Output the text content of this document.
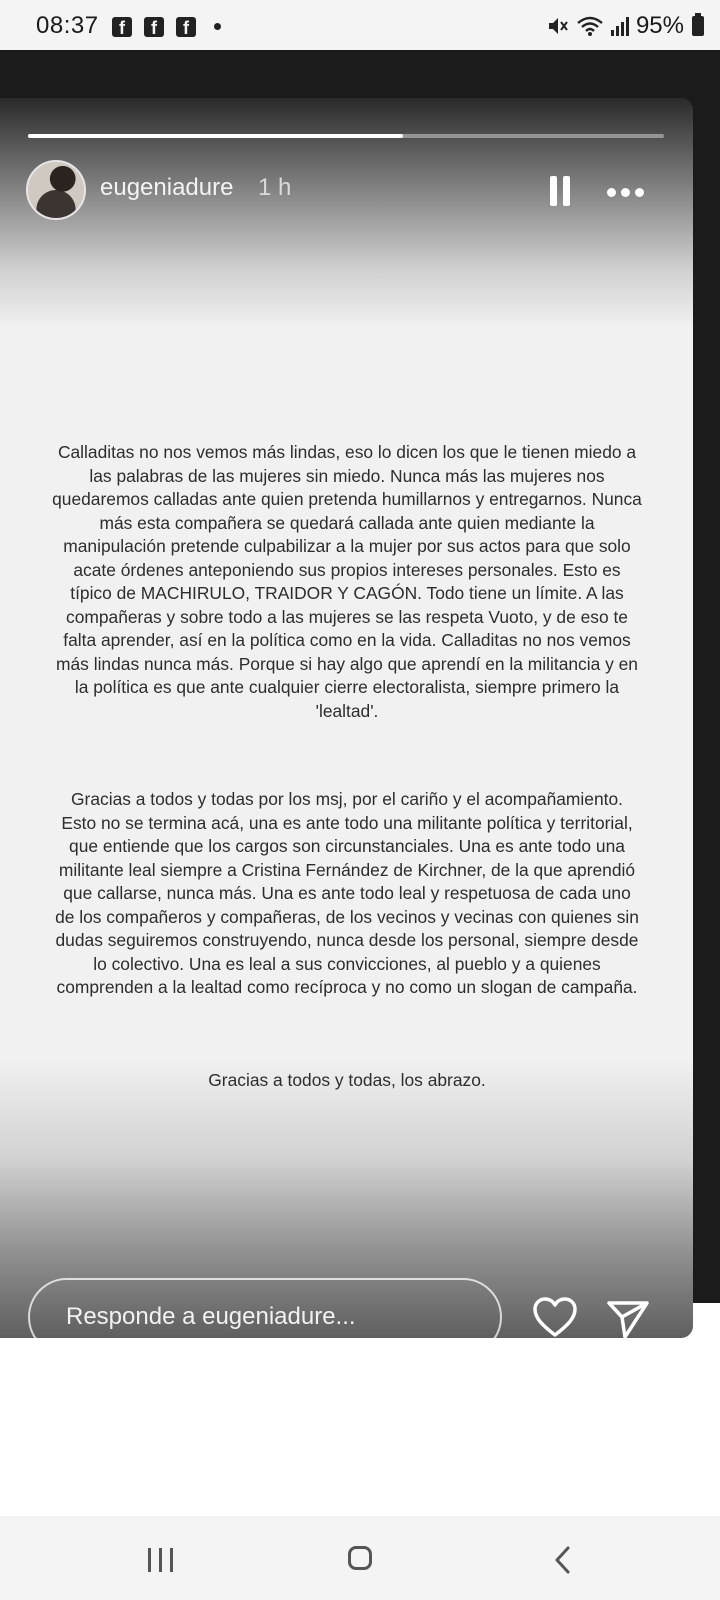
08:37	f	f	f	95%
eugeniadure 1 h

Calladitas no nos vemos más lindas, eso lo dicen los que le tienen miedo a las palabras de las mujeres sin miedo. Nunca más las mujeres nos quedaremos calladas ante quien pretenda humillarnos y entregarnos. Nunca más esta compañera se quedará callada ante quien mediante la manipulación pretende culpabilizar a la mujer por sus actos para que solo acate órdenes anteponiendo sus propios intereses personales. Esto es típico de MACHIRULO, TRAIDOR Y CAGÓN. Todo tiene un límite. A las compañeras y sobre todo a las mujeres se las respeta Vuoto, y de eso te falta aprender, así en la política como en la vida. Calladitas no nos vemos más lindas nunca más. Porque si hay algo que aprendí en la militancia y en la política es que ante cualquier cierre electoralista, siempre primero la 'lealtad'.

Gracias a todos y todas por los msj, por el cariño y el acompañamiento. Esto no se termina acá, una es ante todo una militante política y territorial, que entiende que los cargos son circunstanciales. Una es ante todo una militante leal siempre a Cristina Fernández de Kirchner, de la que aprendió que callarse, nunca más. Una es ante todo leal y respetuosa de cada uno de los compañeros y compañeras, de los vecinos y vecinas con quienes sin dudas seguiremos construyendo, nunca desde los personal, siempre desde lo colectivo. Una es leal a sus convicciones, al pueblo y a quienes comprenden a la lealtad como recíproca y no como un slogan de campaña.

Gracias a todos y todas, los abrazo.

Responde a eugeniadure...
